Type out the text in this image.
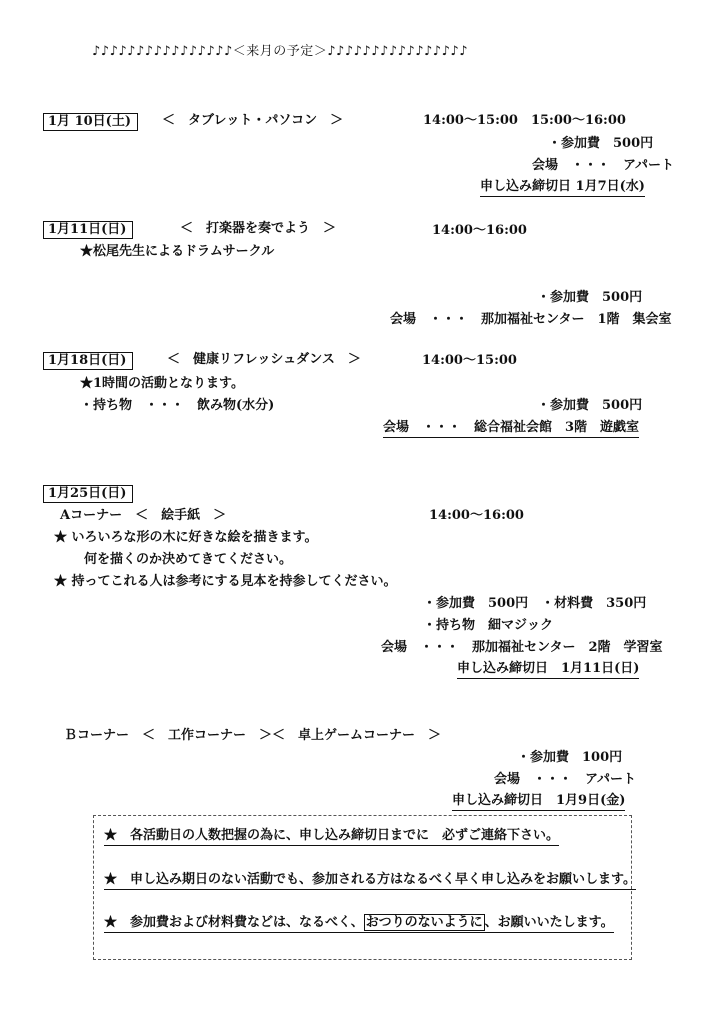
♪♪♪♪♪♪♪♪♪♪♪♪♪♪♪♪＜来月の予定＞♪♪♪♪♪♪♪♪♪♪♪♪♪♪♪♪
1月 10日(土)	＜　タブレット・パソコン　＞	14:00～15:00　15:00～16:00
・参加費　500円
会場　・・・　アパート
申し込み締切日 1月7日(水)
1月11日(日)	＜　打楽器を奏でよう　＞	14:00～16:00
★松尾先生によるドラムサークル
・参加費　500円
会場　・・・　那加福祉センター　1階　集会室
1月18日(日)	＜　健康リフレッシュダンス　＞	14:00～15:00
★1時間の活動となります。
・持ち物　・・・　飲み物(水分)	・参加費　500円
会場　・・・　総合福祉会館　3階　遊戯室
1月25日(日)
Aコーナー　＜　絵手紙　＞	14:00～16:00
★ いろいろな形の木に好きな絵を描きます。
何を描くのか決めてきてください。
★ 持ってこれる人は参考にする見本を持参してください。
・参加費　500円　・材料費　350円
・持ち物　細マジック
会場　・・・　那加福祉センター　2階　学習室
申し込み締切日　1月11日(日)
Ｂコーナー　＜　工作コーナー　＞＜　卓上ゲームコーナー　＞
・参加費　100円
会場　・・・　アパート
申し込み締切日　1月9日(金)
★　各活動日の人数把握の為に、申し込み締切日までに　必ずご連絡下さい。
★　申し込み期日のない活動でも、参加される方はなるべく早く申し込みをお願いします。
★　参加費および材料費などは、なるべく、 おつりのないように 、お願いいたします。
